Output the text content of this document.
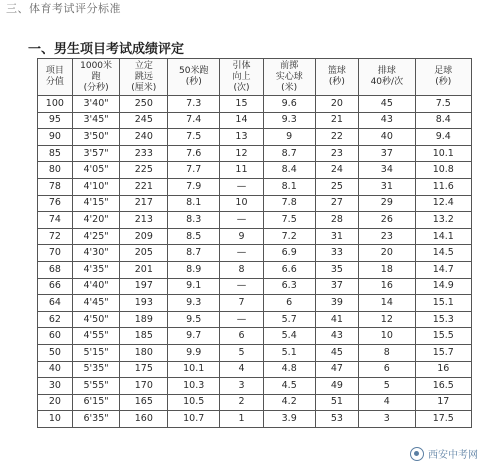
三、体育考试评分标准
一、男生项目考试成绩评定
项目
分值	1000米
跑
(分秒)	立定
跳远
(厘米)	50米跑
(秒)	引体
向上
(次)	前掷
实心球
(米)	篮球
(秒)	排球
40秒/次	足球
(秒)
100	3'40"	250	7.3	15	9.6	20	45	7.5
95	3'45"	245	7.4	14	9.3	21	43	8.4
90	3'50"	240	7.5	13	9	22	40	9.4
85	3'57"	233	7.6	12	8.7	23	37	10.1
80	4'05"	225	7.7	11	8.4	24	34	10.8
78	4'10"	221	7.9	—	8.1	25	31	11.6
76	4'15"	217	8.1	10	7.8	27	29	12.4
74	4'20"	213	8.3	—	7.5	28	26	13.2
72	4'25"	209	8.5	9	7.2	31	23	14.1
70	4'30"	205	8.7	—	6.9	33	20	14.5
68	4'35"	201	8.9	8	6.6	35	18	14.7
66	4'40"	197	9.1	—	6.3	37	16	14.9
64	4'45"	193	9.3	7	6	39	14	15.1
62	4'50"	189	9.5	—	5.7	41	12	15.3
60	4'55"	185	9.7	6	5.4	43	10	15.5
50	5'15"	180	9.9	5	5.1	45	8	15.7
40	5'35"	175	10.1	4	4.8	47	6	16
30	5'55"	170	10.3	3	4.5	49	5	16.5
20	6'15"	165	10.5	2	4.2	51	4	17
10	6'35"	160	10.7	1	3.9	53	3	17.5
西安中考网
